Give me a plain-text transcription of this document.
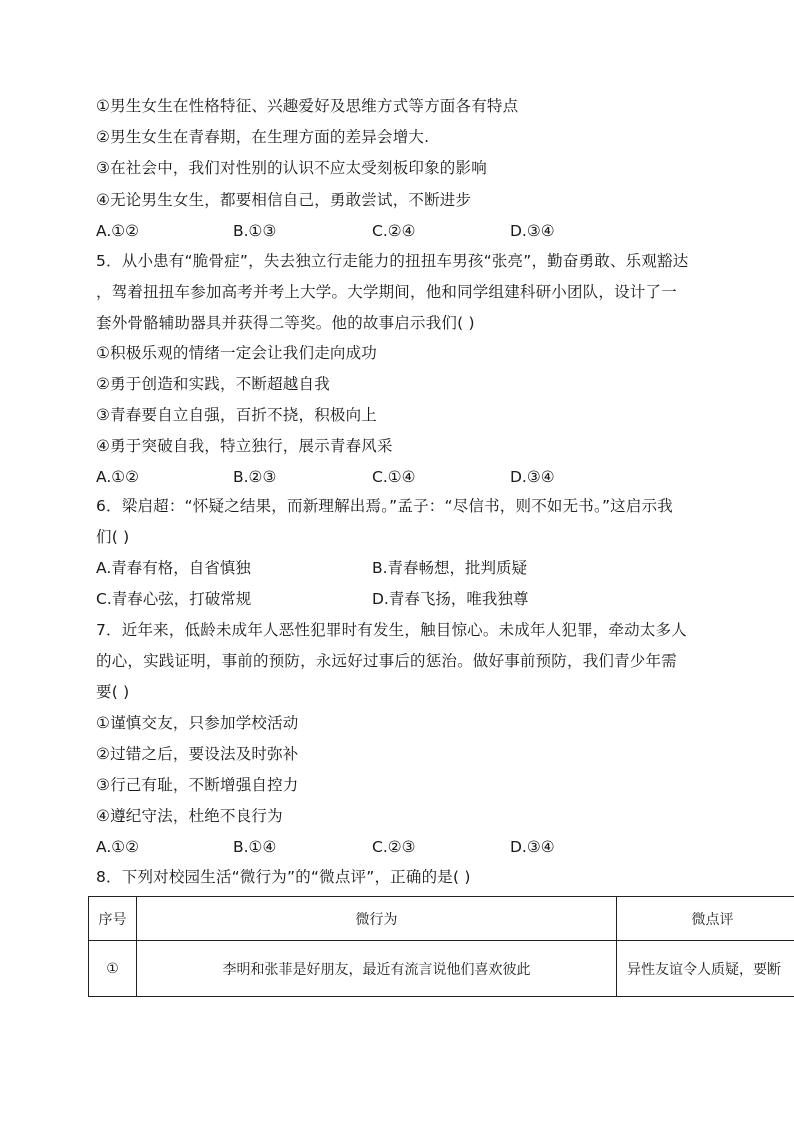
①男生女生在性格特征、兴趣爱好及思维方式等方面各有特点
②男生女生在青春期，在生理方面的差异会增大.
③在社会中，我们对性别的认识不应太受刻板印象的影响
④无论男生女生，都要相信自己，勇敢尝试，不断进步
A.①②	B.①③	C.②④	D.③④
5．从小患有“脆骨症”，失去独立行走能力的扭扭车男孩“张亮”，勤奋勇敢、乐观豁达
，驾着扭扭车参加高考并考上大学。大学期间，他和同学组建科研小团队，设计了一
套外骨骼辅助器具并获得二等奖。他的故事启示我们( )
①积极乐观的情绪一定会让我们走向成功
②勇于创造和实践，不断超越自我
③青春要自立自强，百折不挠，积极向上
④勇于突破自我，特立独行，展示青春风采
A.①②	B.②③	C.①④	D.③④
6．梁启超：“怀疑之结果，而新理解出焉。”孟子：“尽信书，则不如无书。”这启示我
们( )
A.青春有格，自省慎独	B.青春畅想，批判质疑
C.青春心弦，打破常规	D.青春飞扬，唯我独尊
7．近年来，低龄未成年人恶性犯罪时有发生，触目惊心。未成年人犯罪，牵动太多人
的心，实践证明，事前的预防，永远好过事后的惩治。做好事前预防，我们青少年需
要( )
①谨慎交友，只参加学校活动
②过错之后，要设法及时弥补
③行己有耻，不断增强自控力
④遵纪守法，杜绝不良行为
A.①②	B.①④	C.②③	D.③④
8．下列对校园生活“微行为”的“微点评”，正确的是( )
序号	微行为	微点评
①	李明和张菲是好朋友，最近有流言说他们喜欢彼此	异性友谊令人质疑，要断
